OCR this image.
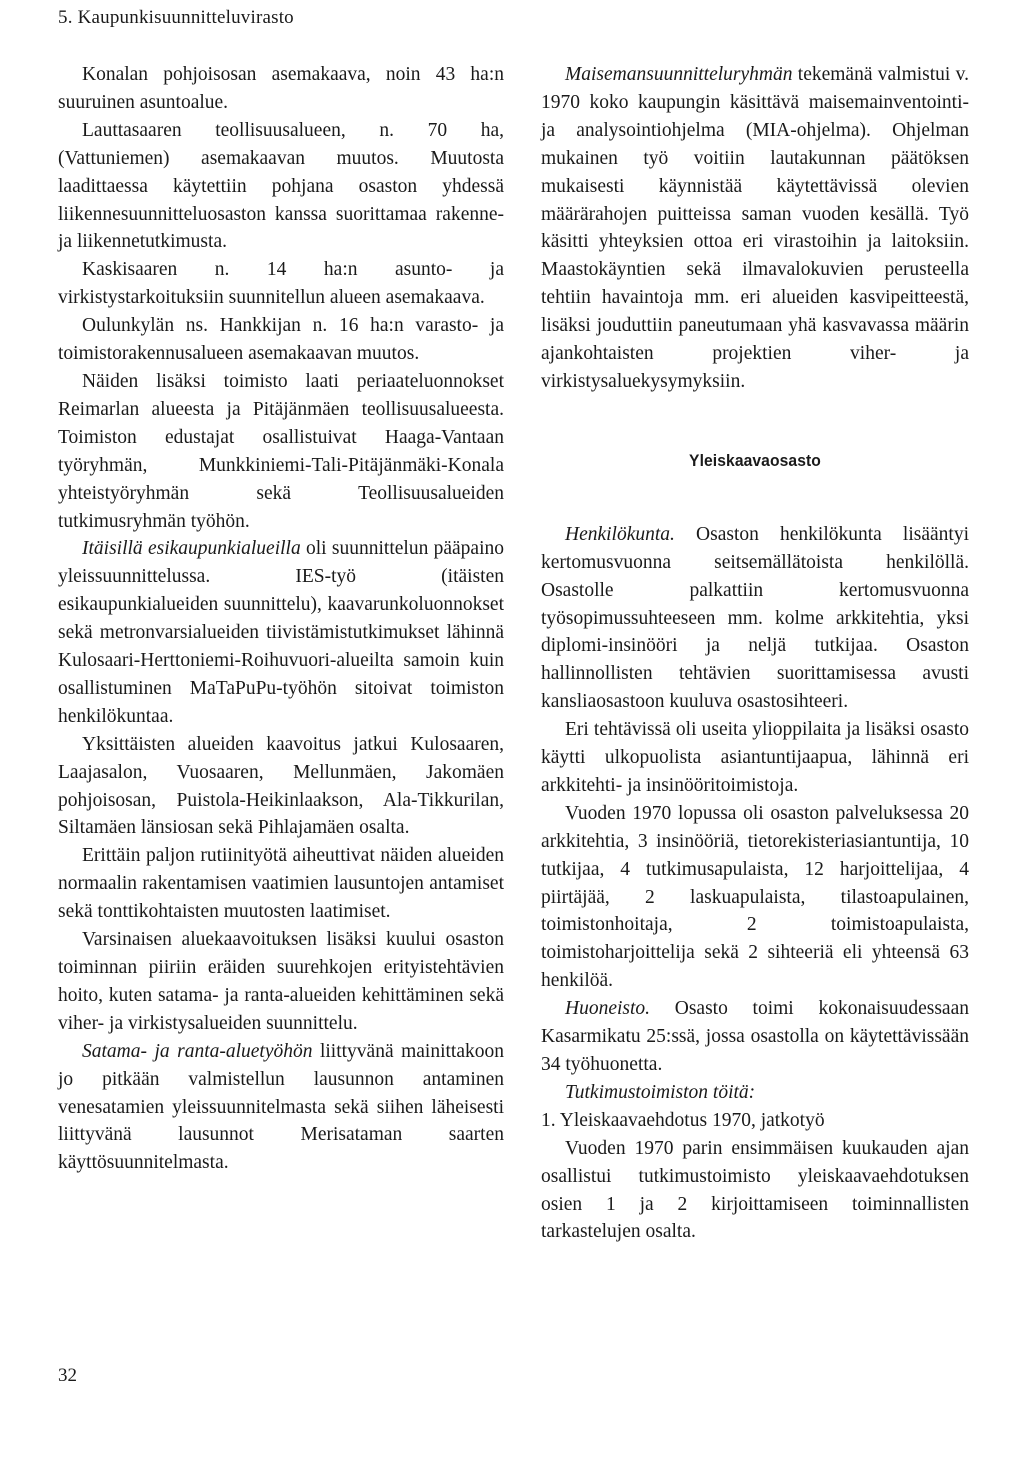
5. Kaupunkisuunnitteluvirasto

Konalan pohjoisosan asemakaava, noin 43 ha:n suuruinen asuntoalue.

Lauttasaaren teollisuusalueen, n. 70 ha, (Vattuniemen) asemakaavan muutos. Muutosta laadittaessa käytettiin pohjana osaston yhdessä liikennesuunnitteluosaston kanssa suorittamaa rakenne- ja liikennetutkimusta.

Kaskisaaren n. 14 ha:n asunto- ja virkistystarkoituksiin suunnitellun alueen asemakaava.

Oulunkylän ns. Hankkijan n. 16 ha:n varasto- ja toimistorakennusalueen asemakaavan muutos.

Näiden lisäksi toimisto laati periaateluonnokset Reimarlan alueesta ja Pitäjänmäen teollisuusalueesta. Toimiston edustajat osallistuivat Haaga-Vantaan työryhmän, Munkkiniemi-Tali-Pitäjänmäki-Konala yhteistyöryhmän sekä Teollisuusalueiden tutkimusryhmän työhön.

Itäisillä esikaupunkialueilla oli suunnittelun pääpaino yleissuunnittelussa. IES-työ (itäisten esikaupunkialueiden suunnittelu), kaavarunkoluonnokset sekä metronvarsialueiden tiivistämistutkimukset lähinnä Kulosaari-Herttoniemi-Roihuvuori-alueilta samoin kuin osallistuminen MaTaPuPu-työhön sitoivat toimiston henkilökuntaa.

Yksittäisten alueiden kaavoitus jatkui Kulosaaren, Laajasalon, Vuosaaren, Mellunmäen, Jakomäen pohjoisosan, Puistola-Heikinlaakson, Ala-Tikkurilan, Siltamäen länsiosan sekä Pihlajamäen osalta.

Erittäin paljon rutiinityötä aiheuttivat näiden alueiden normaalin rakentamisen vaatimien lausuntojen antamiset sekä tonttikohtaisten muutosten laatimiset.

Varsinaisen aluekaavoituksen lisäksi kuului osaston toiminnan piiriin eräiden suurehkojen erityistehtävien hoito, kuten satama- ja ranta-alueiden kehittäminen sekä viher- ja virkistysalueiden suunnittelu.

Satama- ja ranta-aluetyöhön liittyvänä mainittakoon jo pitkään valmistellun lausunnon antaminen venesatamien yleissuunnitelmasta sekä siihen läheisesti liittyvänä lausunnot Merisataman saarten käyttösuunnitelmasta.

Maisemansuunnitteluryhmän tekemänä valmistui v. 1970 koko kaupungin käsittävä maisemainventointi- ja analysointiohjelma (MIA-ohjelma). Ohjelman mukainen työ voitiin lautakunnan päätöksen mukaisesti käynnistää käytettävissä olevien määrärahojen puitteissa saman vuoden kesällä. Työ käsitti yhteyksien ottoa eri virastoihin ja laitoksiin. Maastokäyntien sekä ilmavalokuvien perusteella tehtiin havaintoja mm. eri alueiden kasvipeitteestä, lisäksi jouduttiin paneutumaan yhä kasvavassa määrin ajankohtaisten projektien viher- ja virkistysaluekysymyksiin.

Yleiskaavaosasto

Henkilökunta. Osaston henkilökunta lisääntyi kertomusvuonna seitsemällätoista henkilöllä. Osastolle palkattiin kertomusvuonna työsopimussuhteeseen mm. kolme arkkitehtia, yksi diplomi-insinööri ja neljä tutkijaa. Osaston hallinnollisten tehtävien suorittamisessa avusti kansliaosastoon kuuluva osastosihteeri.

Eri tehtävissä oli useita ylioppilaita ja lisäksi osasto käytti ulkopuolista asiantuntijaapua, lähinnä eri arkkitehti- ja insinööritoimistoja.

Vuoden 1970 lopussa oli osaston palveluksessa 20 arkkitehtia, 3 insinööriä, tietorekisteriasiantuntija, 10 tutkijaa, 4 tutkimusapulaista, 12 harjoittelijaa, 4 piirtäjää, 2 laskuapulaista, tilastoapulainen, toimistonhoitaja, 2 toimistoapulaista, toimistoharjoittelija sekä 2 sihteeriä eli yhteensä 63 henkilöä.

Huoneisto. Osasto toimi kokonaisuudessaan Kasarmikatu 25:ssä, jossa osastolla on käytettävissään 34 työhuonetta.

Tutkimustoimiston töitä:

1. Yleiskaavaehdotus 1970, jatkotyö

Vuoden 1970 parin ensimmäisen kuukauden ajan osallistui tutkimustoimisto yleiskaavaehdotuksen osien 1 ja 2 kirjoittamiseen toiminnallisten tarkastelujen osalta.

32
